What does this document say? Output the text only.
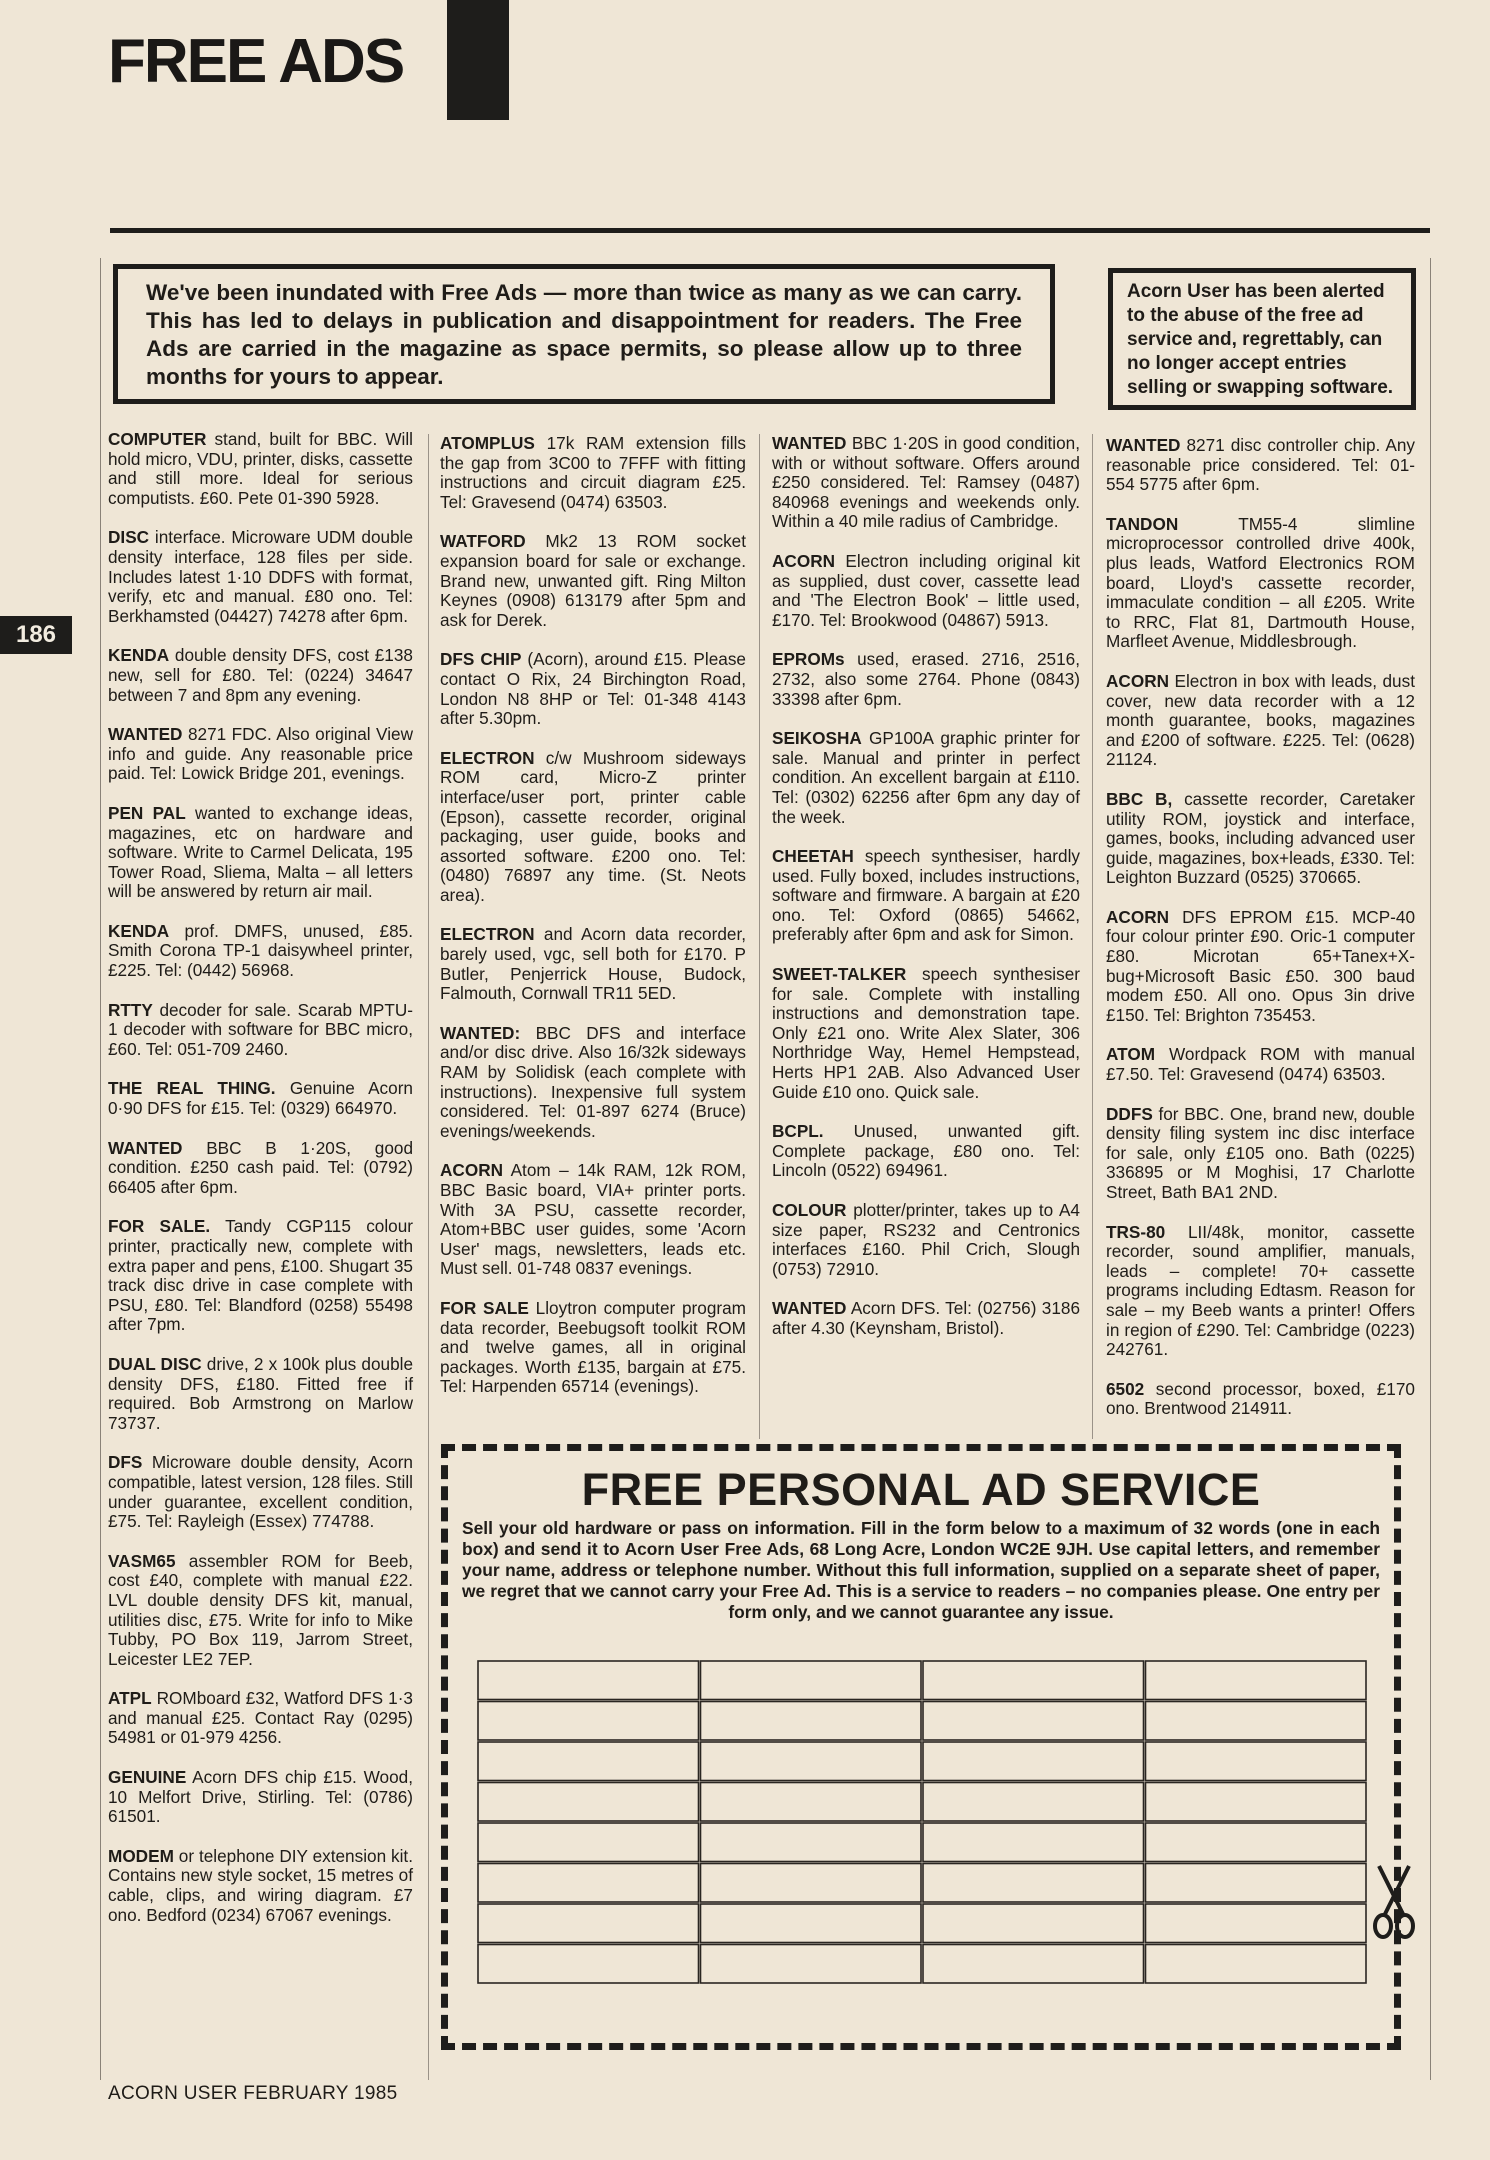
FREE ADS
We've been inundated with Free Ads — more than twice as many as we can carry. This has led to delays in publication and disappointment for readers. The Free Ads are carried in the magazine as space permits, so please allow up to three months for yours to appear.
Acorn User has been alerted to the abuse of the free ad service and, regrettably, can no longer accept entries selling or swapping software.
186

COMPUTER stand, built for BBC. Will hold micro, VDU, printer, disks, cassette and still more. Ideal for serious computists. £60. Pete 01-390 5928.

DISC interface. Microware UDM double density interface, 128 files per side. Includes latest 1·10 DDFS with format, verify, etc and manual. £80 ono. Tel: Berkhamsted (04427) 74278 after 6pm.

KENDA double density DFS, cost £138 new, sell for £80. Tel: (0224) 34647 between 7 and 8pm any evening.

WANTED 8271 FDC. Also original View info and guide. Any reasonable price paid. Tel: Lowick Bridge 201, evenings.

PEN PAL wanted to exchange ideas, magazines, etc on hardware and software. Write to Carmel Delicata, 195 Tower Road, Sliema, Malta – all letters will be answered by return air mail.

KENDA prof. DMFS, unused, £85. Smith Corona TP-1 daisywheel printer, £225. Tel: (0442) 56968.

RTTY decoder for sale. Scarab MPTU-1 decoder with software for BBC micro, £60. Tel: 051-709 2460.

THE REAL THING. Genuine Acorn 0·90 DFS for £15. Tel: (0329) 664970.

WANTED BBC B 1·20S, good condition. £250 cash paid. Tel: (0792) 66405 after 6pm.

FOR SALE. Tandy CGP115 colour printer, practically new, complete with extra paper and pens, £100. Shugart 35 track disc drive in case complete with PSU, £80. Tel: Blandford (0258) 55498 after 7pm.

DUAL DISC drive, 2 x 100k plus double density DFS, £180. Fitted free if required. Bob Armstrong on Marlow 73737.

DFS Microware double density, Acorn compatible, latest version, 128 files. Still under guarantee, excellent condition, £75. Tel: Rayleigh (Essex) 774788.

VASM65 assembler ROM for Beeb, cost £40, complete with manual £22. LVL double density DFS kit, manual, utilities disc, £75. Write for info to Mike Tubby, PO Box 119, Jarrom Street, Leicester LE2 7EP.

ATPL ROMboard £32, Watford DFS 1·3 and manual £25. Contact Ray (0295) 54981 or 01-979 4256.

GENUINE Acorn DFS chip £15. Wood, 10 Melfort Drive, Stirling. Tel: (0786) 61501.

MODEM or telephone DIY extension kit. Contains new style socket, 15 metres of cable, clips, and wiring diagram. £7 ono. Bedford (0234) 67067 evenings.

ATOMPLUS 17k RAM extension fills the gap from 3C00 to 7FFF with fitting instructions and circuit diagram £25. Tel: Gravesend (0474) 63503.

WATFORD Mk2 13 ROM socket expansion board for sale or exchange. Brand new, unwanted gift. Ring Milton Keynes (0908) 613179 after 5pm and ask for Derek.

DFS CHIP (Acorn), around £15. Please contact O Rix, 24 Birchington Road, London N8 8HP or Tel: 01-348 4143 after 5.30pm.

ELECTRON c/w Mushroom sideways ROM card, Micro-Z printer interface/user port, printer cable (Epson), cassette recorder, original packaging, user guide, books and assorted software. £200 ono. Tel: (0480) 76897 any time. (St. Neots area).

ELECTRON and Acorn data recorder, barely used, vgc, sell both for £170. P Butler, Penjerrick House, Budock, Falmouth, Cornwall TR11 5ED.

WANTED: BBC DFS and interface and/or disc drive. Also 16/32k sideways RAM by Solidisk (each complete with instructions). Inexpensive full system considered. Tel: 01-897 6274 (Bruce) evenings/weekends.

ACORN Atom – 14k RAM, 12k ROM, BBC Basic board, VIA+ printer ports. With 3A PSU, cassette recorder, Atom+BBC user guides, some 'Acorn User' mags, newsletters, leads etc. Must sell. 01-748 0837 evenings.

FOR SALE Lloytron computer program data recorder, Beebugsoft toolkit ROM and twelve games, all in original packages. Worth £135, bargain at £75. Tel: Harpenden 65714 (evenings).

WANTED BBC 1·20S in good condition, with or without software. Offers around £250 considered. Tel: Ramsey (0487) 840968 evenings and weekends only. Within a 40 mile radius of Cambridge.

ACORN Electron including original kit as supplied, dust cover, cassette lead and 'The Electron Book' – little used, £170. Tel: Brookwood (04867) 5913.

EPROMs used, erased. 2716, 2516, 2732, also some 2764. Phone (0843) 33398 after 6pm.

SEIKOSHA GP100A graphic printer for sale. Manual and printer in perfect condition. An excellent bargain at £110. Tel: (0302) 62256 after 6pm any day of the week.

CHEETAH speech synthesiser, hardly used. Fully boxed, includes instructions, software and firmware. A bargain at £20 ono. Tel: Oxford (0865) 54662, preferably after 6pm and ask for Simon.

SWEET-TALKER speech synthesiser for sale. Complete with installing instructions and demonstration tape. Only £21 ono. Write Alex Slater, 306 Northridge Way, Hemel Hempstead, Herts HP1 2AB. Also Advanced User Guide £10 ono. Quick sale.

BCPL. Unused, unwanted gift. Complete package, £80 ono. Tel: Lincoln (0522) 694961.

COLOUR plotter/printer, takes up to A4 size paper, RS232 and Centronics interfaces £160. Phil Crich, Slough (0753) 72910.

WANTED Acorn DFS. Tel: (02756) 3186 after 4.30 (Keynsham, Bristol).

WANTED 8271 disc controller chip. Any reasonable price considered. Tel: 01-554 5775 after 6pm.

TANDON	TM55-4 slimline microprocessor controlled drive 400k, plus leads, Watford Electronics ROM board, Lloyd's cassette recorder, immaculate condition – all £205. Write to RRC, Flat 81, Dartmouth House, Marfleet Avenue, Middlesbrough.

ACORN Electron in box with leads, dust cover, new data recorder with a 12 month guarantee, books, magazines and £200 of software. £225. Tel: (0628) 21124.

BBC B, cassette recorder, Caretaker utility ROM, joystick and interface, games, books, including advanced user guide, magazines, box+leads, £330. Tel: Leighton Buzzard (0525) 370665.

ACORN DFS EPROM £15. MCP-40 four colour printer £90. Oric-1 computer £80. Microtan 65+Tanex+X-bug+Microsoft Basic £50. 300 baud modem £50. All ono. Opus 3in drive £150. Tel: Brighton 735453.

ATOM Wordpack ROM with manual £7.50. Tel: Gravesend (0474) 63503.

DDFS for BBC. One, brand new, double density filing system inc disc interface for sale, only £105 ono. Bath (0225) 336895 or M Moghisi, 17 Charlotte Street, Bath BA1 2ND.

TRS-80 LII/48k, monitor, cassette recorder, sound amplifier, manuals, leads – complete! 70+ cassette programs including Edtasm. Reason for sale – my Beeb wants a printer! Offers in region of £290. Tel: Cambridge (0223) 242761.

6502 second processor, boxed, £170 ono. Brentwood 214911.

FREE PERSONAL AD SERVICE
Sell your old hardware or pass on information. Fill in the form below to a maximum of 32 words (one in each box) and send it to Acorn User Free Ads, 68 Long Acre, London WC2E 9JH. Use capital letters, and remember your name, address or telephone number. Without this full information, supplied on a separate sheet of paper, we regret that we cannot carry your Free Ad. This is a service to readers – no companies please. One entry per form only, and we cannot guarantee any issue.
ACORN USER FEBRUARY 1985
